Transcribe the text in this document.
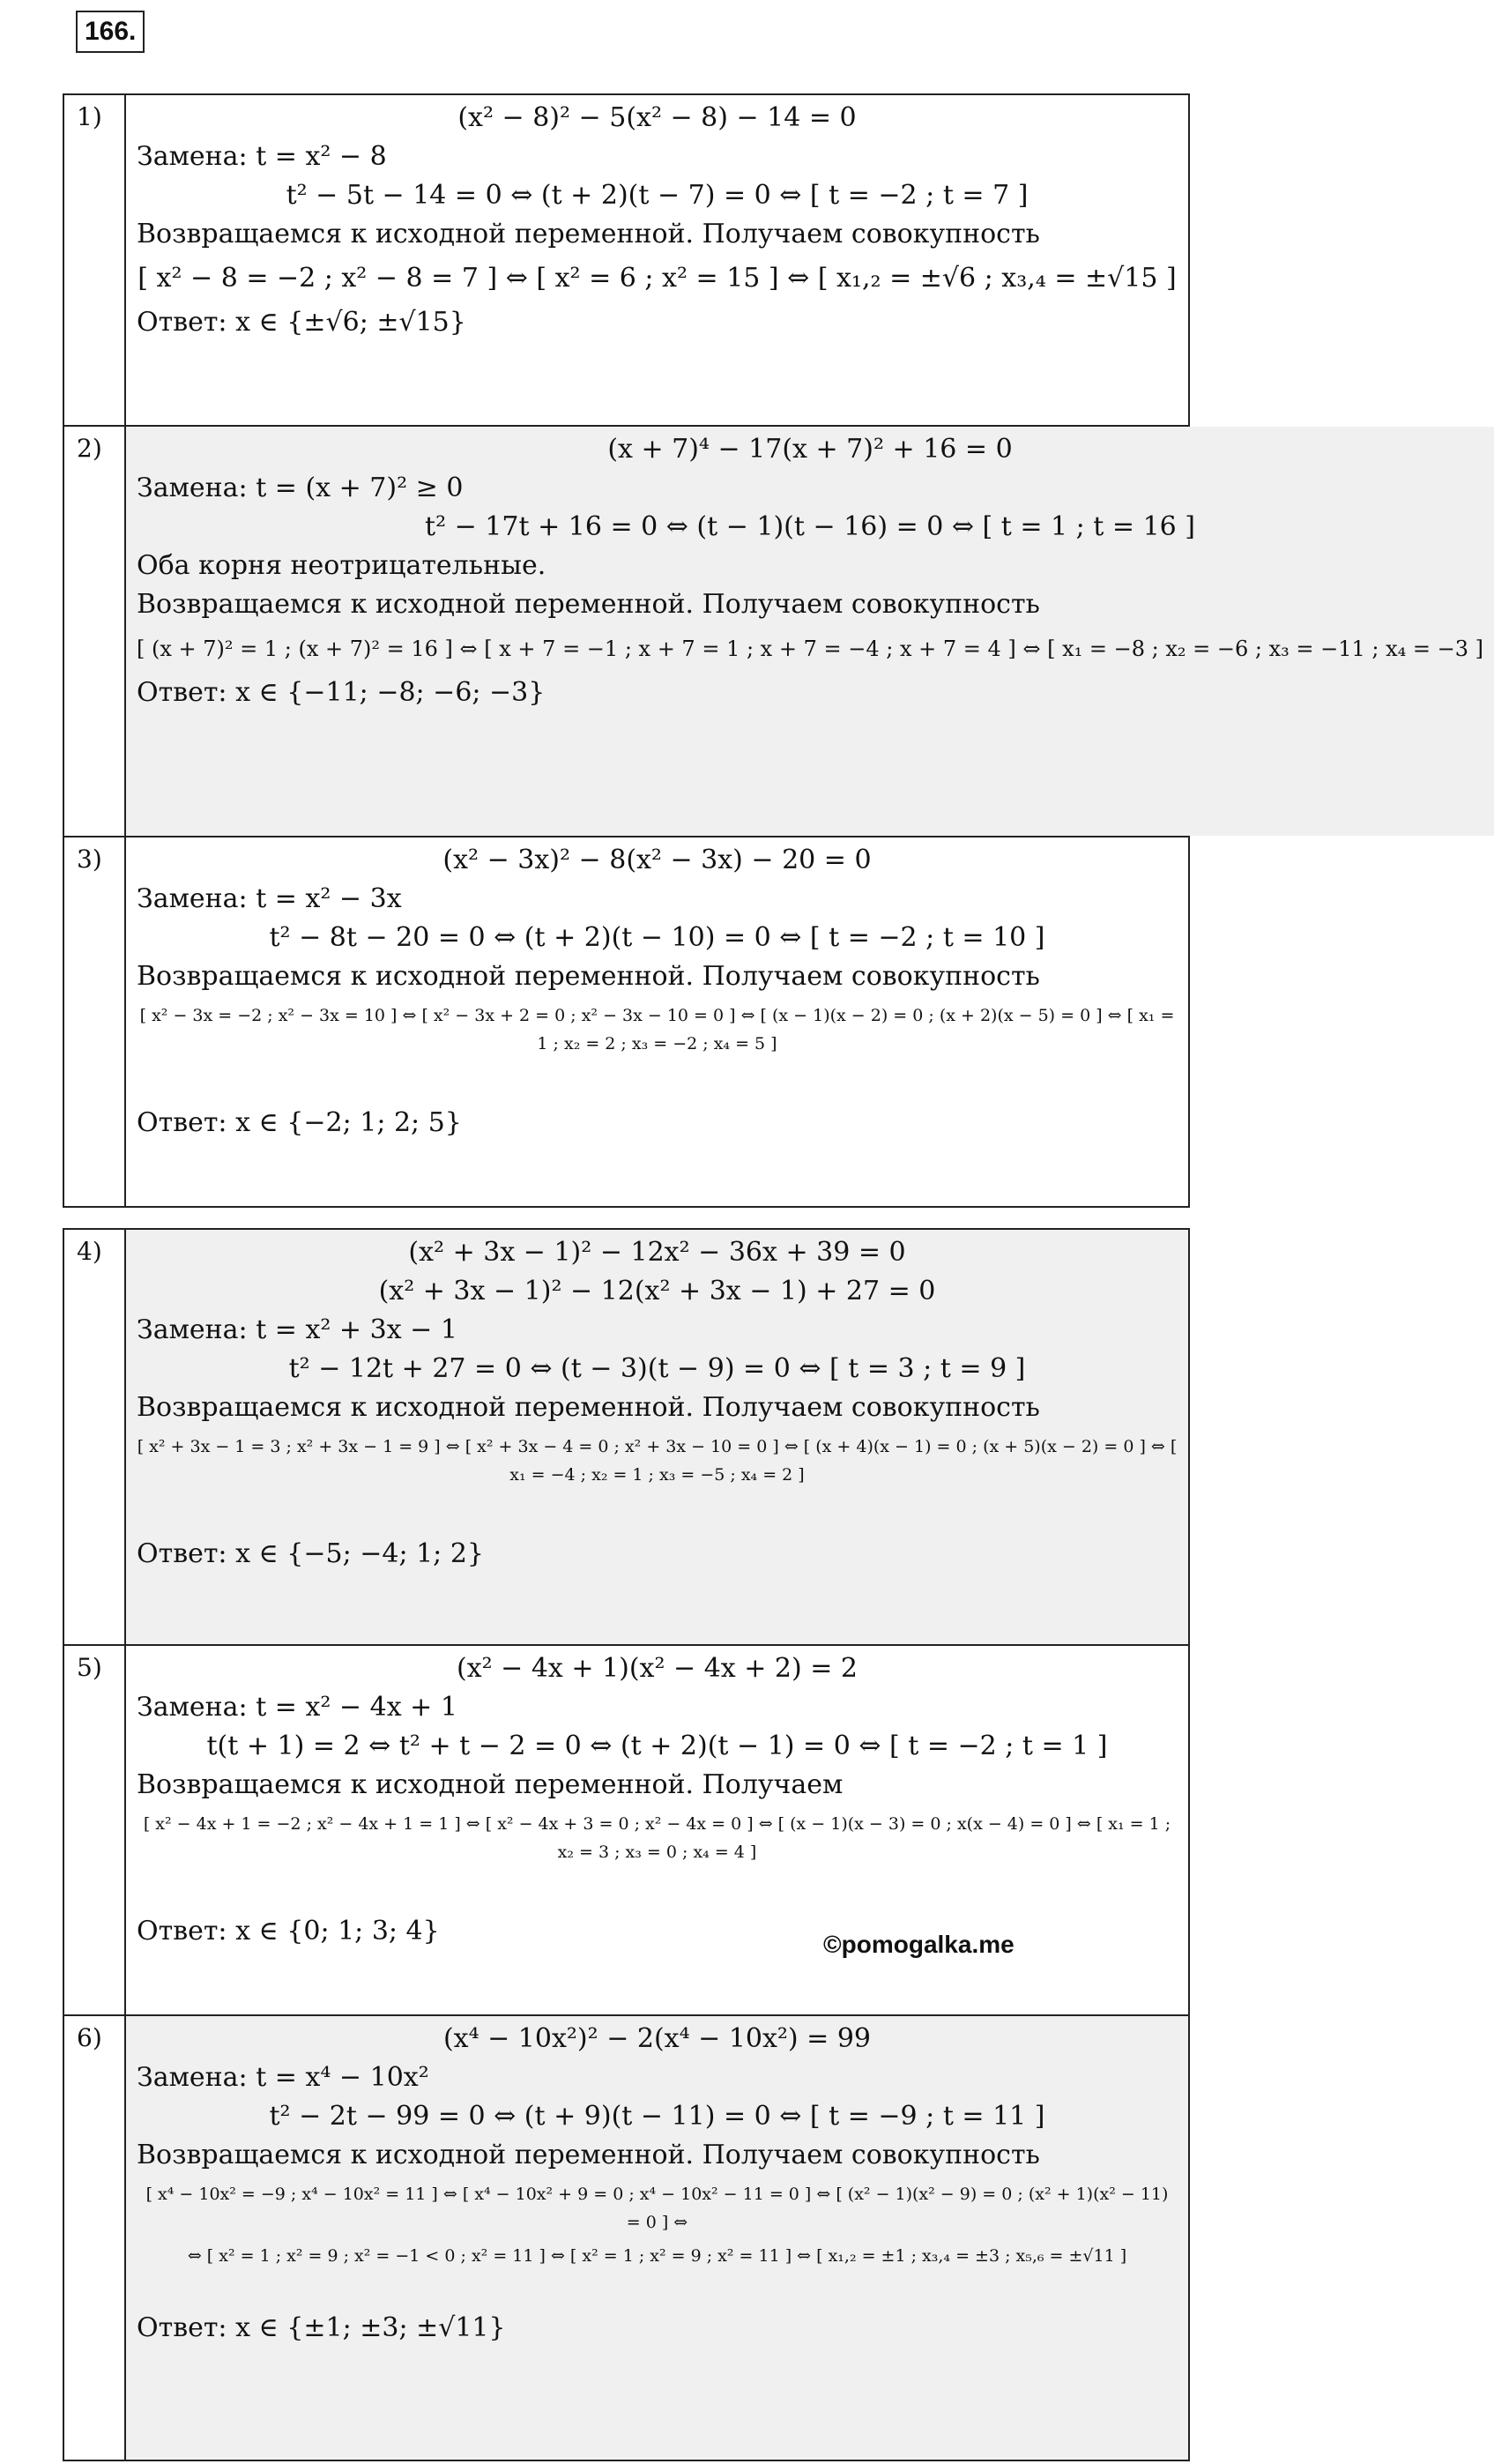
166.
1)	(x² − 8)² − 5(x² − 8) − 14 = 0
Замена: t = x² − 8
t² − 5t − 14 = 0 ⇔ (t + 2)(t − 7) = 0 ⇔ [ t = −2 ; t = 7 ]
Возвращаемся к исходной переменной. Получаем совокупность
[ x² − 8 = −2 ; x² − 8 = 7 ] ⇔ [ x² = 6 ; x² = 15 ] ⇔ [ x₁,₂ = ±√6 ; x₃,₄ = ±√15 ]
Ответ: x ∈ {±√6; ±√15}
2)	(x + 7)⁴ − 17(x + 7)² + 16 = 0
Замена: t = (x + 7)² ≥ 0
t² − 17t + 16 = 0 ⇔ (t − 1)(t − 16) = 0 ⇔ [ t = 1 ; t = 16 ]
Оба корня неотрицательные.
Возвращаемся к исходной переменной. Получаем совокупность
[ (x + 7)² = 1 ; (x + 7)² = 16 ] ⇔ [ x + 7 = −1 ; x + 7 = 1 ; x + 7 = −4 ; x + 7 = 4 ] ⇔ [ x₁ = −8 ; x₂ = −6 ; x₃ = −11 ; x₄ = −3 ]
Ответ: x ∈ {−11; −8; −6; −3}
3)	(x² − 3x)² − 8(x² − 3x) − 20 = 0
Замена: t = x² − 3x
t² − 8t − 20 = 0 ⇔ (t + 2)(t − 10) = 0 ⇔ [ t = −2 ; t = 10 ]
Возвращаемся к исходной переменной. Получаем совокупность
[ x² − 3x = −2 ; x² − 3x = 10 ] ⇔ [ x² − 3x + 2 = 0 ; x² − 3x − 10 = 0 ] ⇔ [ (x − 1)(x − 2) = 0 ; (x + 2)(x − 5) = 0 ] ⇔ [ x₁ = 1 ; x₂ = 2 ; x₃ = −2 ; x₄ = 5 ]
Ответ: x ∈ {−2; 1; 2; 5}
4)	(x² + 3x − 1)² − 12x² − 36x + 39 = 0
(x² + 3x − 1)² − 12(x² + 3x − 1) + 27 = 0
Замена: t = x² + 3x − 1
t² − 12t + 27 = 0 ⇔ (t − 3)(t − 9) = 0 ⇔ [ t = 3 ; t = 9 ]
Возвращаемся к исходной переменной. Получаем совокупность
[ x² + 3x − 1 = 3 ; x² + 3x − 1 = 9 ] ⇔ [ x² + 3x − 4 = 0 ; x² + 3x − 10 = 0 ] ⇔ [ (x + 4)(x − 1) = 0 ; (x + 5)(x − 2) = 0 ] ⇔ [ x₁ = −4 ; x₂ = 1 ; x₃ = −5 ; x₄ = 2 ]
Ответ: x ∈ {−5; −4; 1; 2}
5)	(x² − 4x + 1)(x² − 4x + 2) = 2
Замена: t = x² − 4x + 1
t(t + 1) = 2 ⇔ t² + t − 2 = 0 ⇔ (t + 2)(t − 1) = 0 ⇔ [ t = −2 ; t = 1 ]
Возвращаемся к исходной переменной. Получаем
[ x² − 4x + 1 = −2 ; x² − 4x + 1 = 1 ] ⇔ [ x² − 4x + 3 = 0 ; x² − 4x = 0 ] ⇔ [ (x − 1)(x − 3) = 0 ; x(x − 4) = 0 ] ⇔ [ x₁ = 1 ; x₂ = 3 ; x₃ = 0 ; x₄ = 4 ]
Ответ: x ∈ {0; 1; 3; 4}
6)	(x⁴ − 10x²)² − 2(x⁴ − 10x²) = 99
Замена: t = x⁴ − 10x²
t² − 2t − 99 = 0 ⇔ (t + 9)(t − 11) = 0 ⇔ [ t = −9 ; t = 11 ]
Возвращаемся к исходной переменной. Получаем совокупность
[ x⁴ − 10x² = −9 ; x⁴ − 10x² = 11 ] ⇔ [ x⁴ − 10x² + 9 = 0 ; x⁴ − 10x² − 11 = 0 ] ⇔ [ (x² − 1)(x² − 9) = 0 ; (x² + 1)(x² − 11) = 0 ] ⇔
⇔ [ x² = 1 ; x² = 9 ; x² = −1 < 0 ; x² = 11 ] ⇔ [ x² = 1 ; x² = 9 ; x² = 11 ] ⇔ [ x₁,₂ = ±1 ; x₃,₄ = ±3 ; x₅,₆ = ±√11 ]
Ответ: x ∈ {±1; ±3; ±√11}
©pomogalka.me
